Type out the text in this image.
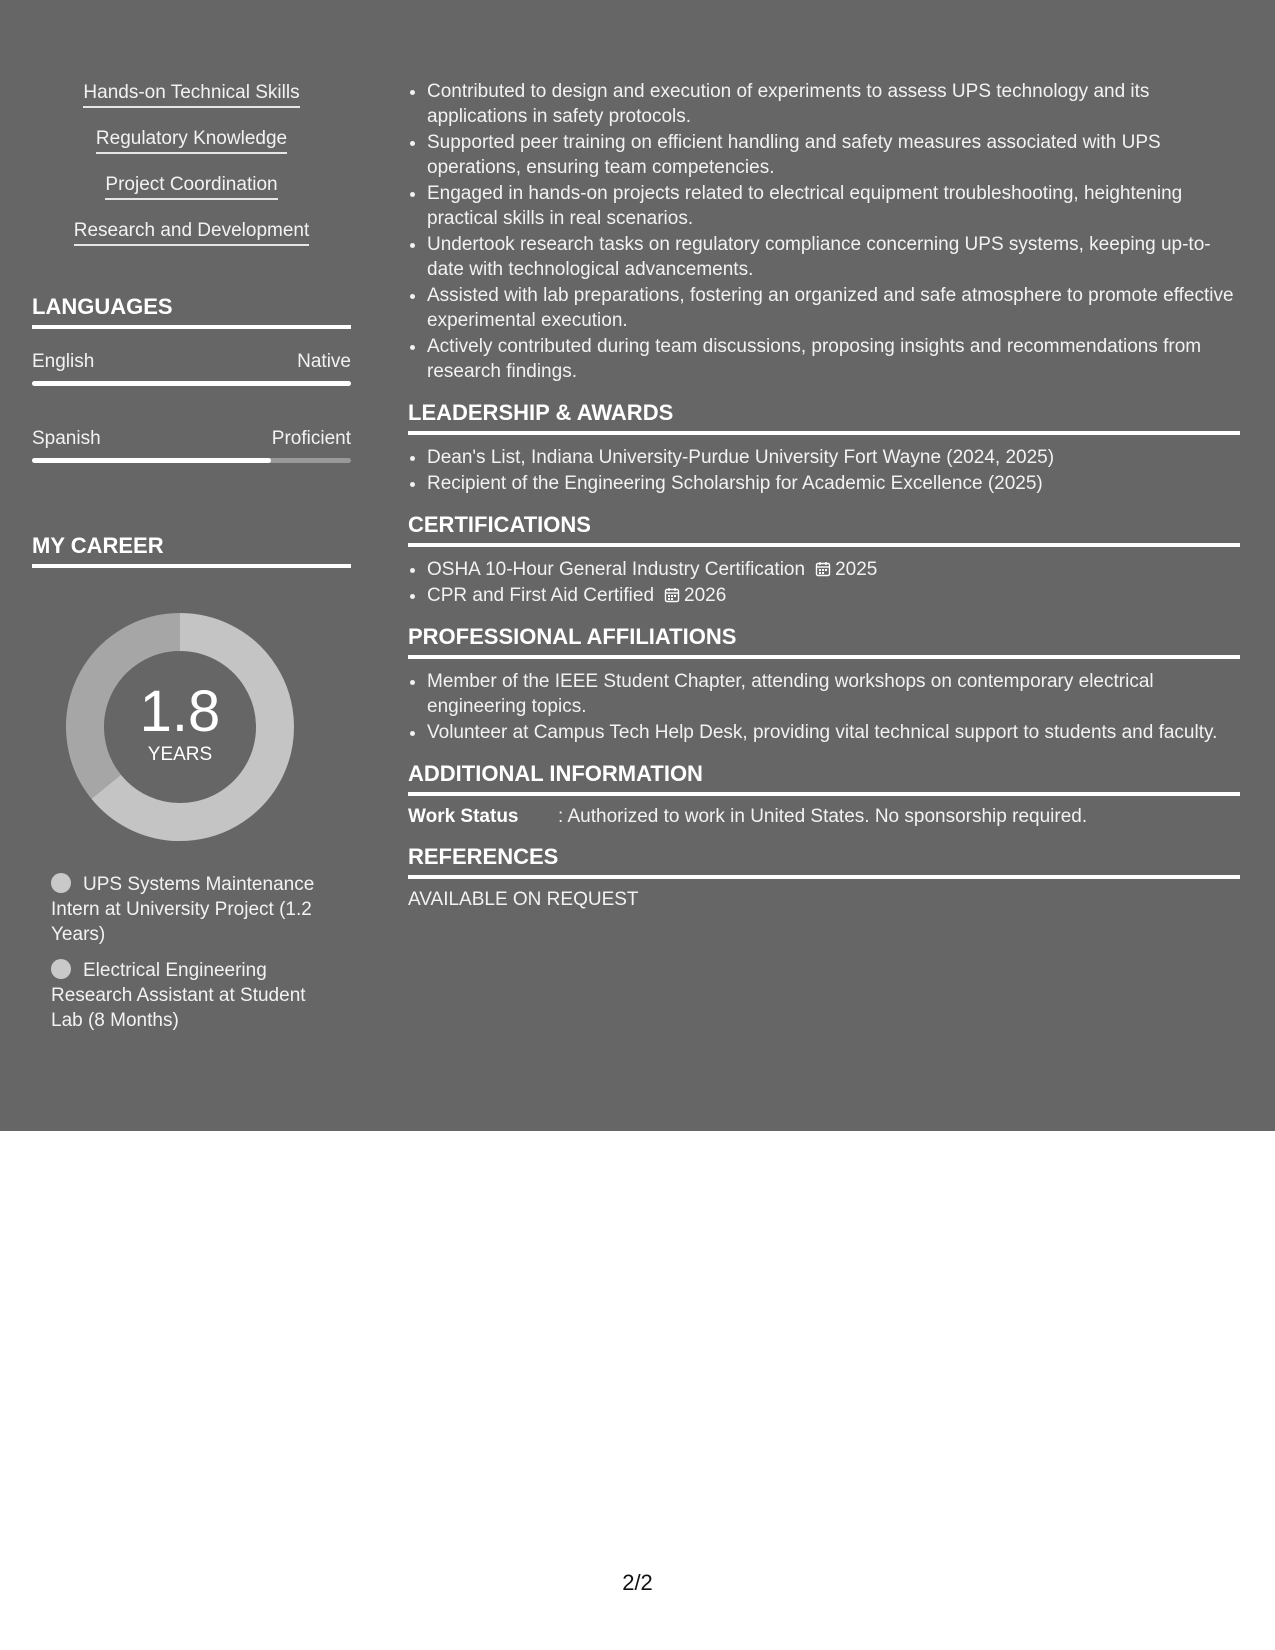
Hands-on Technical Skills
Regulatory Knowledge
Project Coordination
Research and Development
LANGUAGES
English	Native
Spanish	Proficient
MY CAREER
1.8
YEARS
UPS Systems Maintenance Intern at University Project (1.2 Years)
Electrical Engineering Research Assistant at Student Lab (8 Months)
• Contributed to design and execution of experiments to assess UPS technology and its applications in safety protocols.
• Supported peer training on efficient handling and safety measures associated with UPS operations, ensuring team competencies.
• Engaged in hands-on projects related to electrical equipment troubleshooting, heightening practical skills in real scenarios.
• Undertook research tasks on regulatory compliance concerning UPS systems, keeping up-to-date with technological advancements.
• Assisted with lab preparations, fostering an organized and safe atmosphere to promote effective experimental execution.
• Actively contributed during team discussions, proposing insights and recommendations from research findings.
LEADERSHIP & AWARDS
• Dean's List, Indiana University-Purdue University Fort Wayne (2024, 2025)
• Recipient of the Engineering Scholarship for Academic Excellence (2025)
CERTIFICATIONS
• OSHA 10-Hour General Industry Certification 2025
• CPR and First Aid Certified 2026
PROFESSIONAL AFFILIATIONS
• Member of the IEEE Student Chapter, attending workshops on contemporary electrical engineering topics.
• Volunteer at Campus Tech Help Desk, providing vital technical support to students and faculty.
ADDITIONAL INFORMATION
Work Status	: Authorized to work in United States. No sponsorship required.
REFERENCES

AVAILABLE ON REQUEST

2/2
